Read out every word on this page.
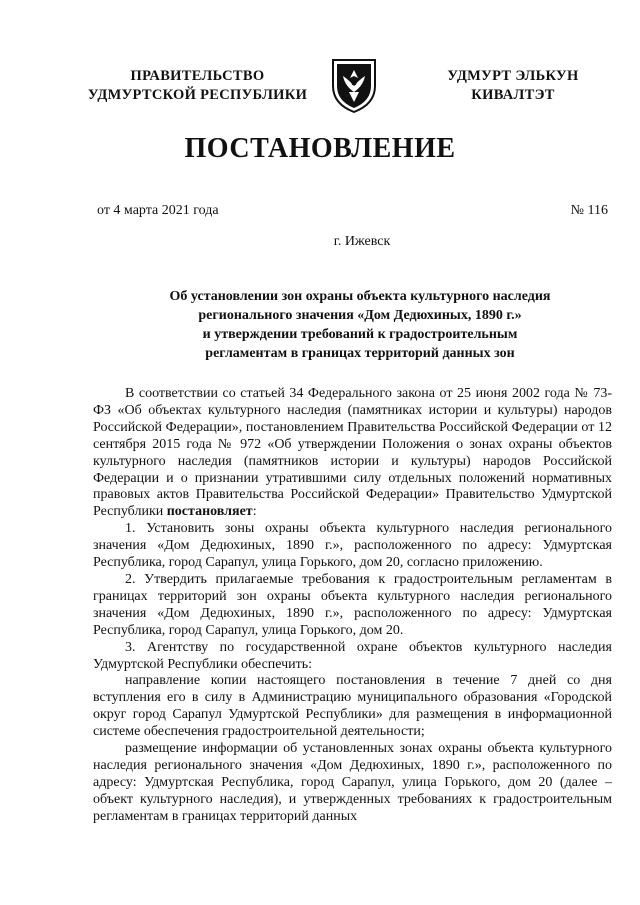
ПРАВИТЕЛЬСТВО
УДМУРТСКОЙ РЕСПУБЛИКИ
УДМУРТ ЭЛЬКУН
КИВАЛТЭТ
ПОСТАНОВЛЕНИЕ
от 4 марта 2021 года	№ 116
г. Ижевск
Об установлении зон охраны объекта культурного наследия
регионального значения «Дом Дедюхиных, 1890 г.»
и утверждении требований к градостроительным
регламентам в границах территорий данных зон

В соответствии со статьей 34 Федерального закона от 25 июня 2002 года № 73-ФЗ «Об объектах культурного наследия (памятниках истории и культуры) народов Российской Федерации», постановлением Правительства Российской Федерации от 12 сентября 2015 года № 972 «Об утверждении Положения о зонах охраны объектов культурного наследия (памятников истории и культуры) народов Российской Федерации и о признании утратившими силу отдельных положений нормативных правовых актов Правительства Российской Федерации» Правительство Удмуртской Республики постановляет:

1. Установить зоны охраны объекта культурного наследия регионального значения «Дом Дедюхиных, 1890 г.», расположенного по адресу: Удмуртская Республика, город Сарапул, улица Горького, дом 20, согласно приложению.

2. Утвердить прилагаемые требования к градостроительным регламентам в границах территорий зон охраны объекта культурного наследия регионального значения «Дом Дедюхиных, 1890 г.», расположенного по адресу: Удмуртская Республика, город Сарапул, улица Горького, дом 20.

3. Агентству по государственной охране объектов культурного наследия Удмуртской Республики обеспечить:

направление копии настоящего постановления в течение 7 дней со дня вступления его в силу в Администрацию муниципального образования «Городской округ город Сарапул Удмуртской Республики» для размещения в информационной системе обеспечения градостроительной деятельности;

размещение информации об установленных зонах охраны объекта культурного наследия регионального значения «Дом Дедюхиных, 1890 г.», расположенного по адресу: Удмуртская Республика, город Сарапул, улица Горького, дом 20 (далее – объект культурного наследия), и утвержденных требованиях к градостроительным регламентам в границах территорий данных
